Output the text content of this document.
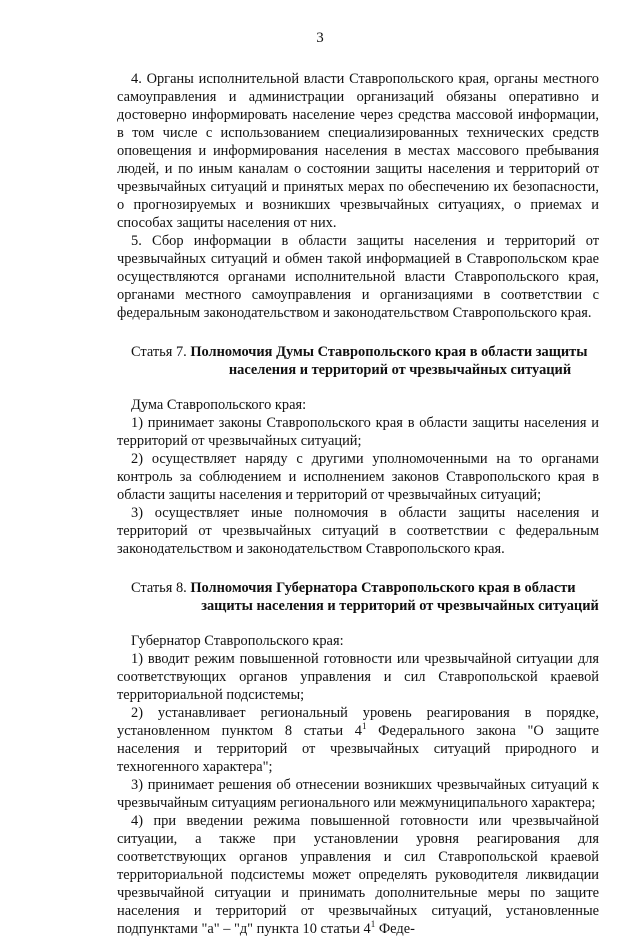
3

4. Органы исполнительной власти Ставропольского края, органы местного самоуправления и администрации организаций обязаны оперативно и достоверно информировать население через средства массовой информации, в том числе с использованием специализированных технических средств оповещения и информирования населения в местах массового пребывания людей, и по иным каналам о состоянии защиты населения и территорий от чрезвычайных ситуаций и принятых мерах по обеспечению их безопасности, о прогнозируемых и возникших чрезвычайных ситуациях, о приемах и способах защиты населения от них.

5. Сбор информации в области защиты населения и территорий от чрезвычайных ситуаций и обмен такой информацией в Ставропольском крае осуществляются органами исполнительной власти Ставропольского края, органами местного самоуправления и организациями в соответствии с федеральным законодательством и законодательством Ставропольского края.

Статья 7. Полномочия Думы Ставропольского края в области защиты
населения и территорий от чрезвычайных ситуаций

Дума Ставропольского края:

1) принимает законы Ставропольского края в области защиты населения и территорий от чрезвычайных ситуаций;

2) осуществляет наряду с другими уполномоченными на то органами контроль за соблюдением и исполнением законов Ставропольского края в области защиты населения и территорий от чрезвычайных ситуаций;

3) осуществляет иные полномочия в области защиты населения и территорий от чрезвычайных ситуаций в соответствии с федеральным законодательством и законодательством Ставропольского края.

Статья 8. Полномочия Губернатора Ставропольского края в области
защиты населения и территорий от чрезвычайных ситуаций

Губернатор Ставропольского края:

1) вводит режим повышенной готовности или чрезвычайной ситуации для соответствующих органов управления и сил Ставропольской краевой территориальной подсистемы;

2) устанавливает региональный уровень реагирования в порядке, установленном пунктом 8 статьи $4^1$ Федерального закона "О защите населения и территорий от чрезвычайных ситуаций природного и техногенного характера";

3) принимает решения об отнесении возникших чрезвычайных ситуаций к чрезвычайным ситуациям регионального или межмуниципального характера;

4) при введении режима повышенной готовности или чрезвычайной ситуации, а также при установлении уровня реагирования для соответствующих органов управления и сил Ставропольской краевой территориальной подсистемы может определять руководителя ликвидации чрезвычайной ситуации и принимать дополнительные меры по защите населения и территорий от чрезвычайных ситуаций, установленные подпунктами "а" – "д" пункта 10 статьи $4^1$ Феде-
